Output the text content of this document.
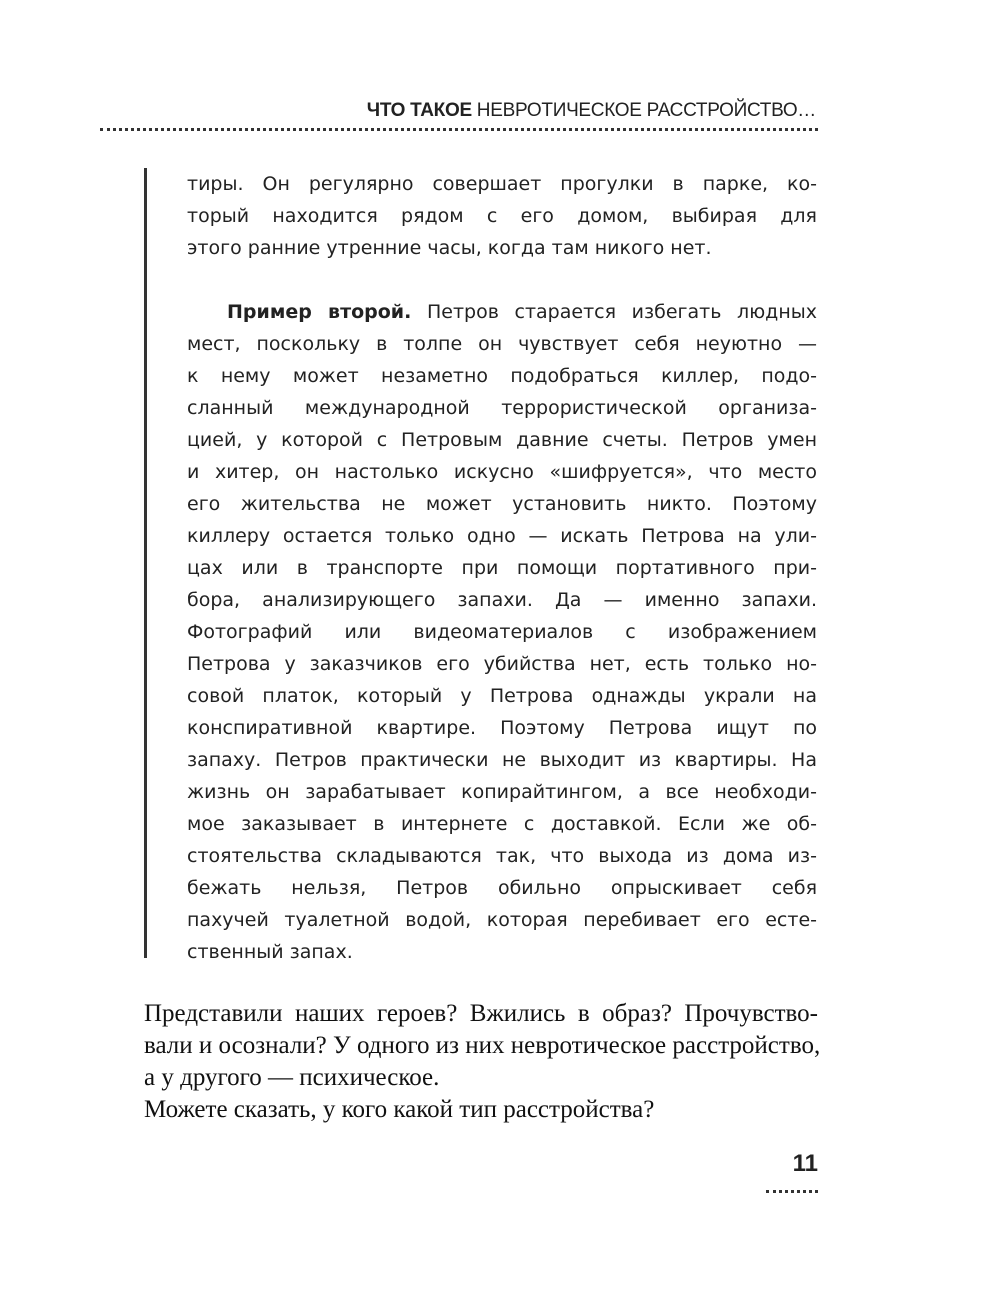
ЧТО ТАКОЕ НЕВРОТИЧЕСКОЕ РАССТРОЙСТВО…
тиры. Он регулярно совершает прогулки в парке, ко-
торый находится рядом с его домом, выбирая для
этого ранние утренние часы, когда там никого нет.
Пример второй. Петров старается избегать людных
мест, поскольку в толпе он чувствует себя неуютно —
к нему может незаметно подобраться киллер, подо-
сланный международной террористической организа-
цией, у которой с Петровым давние счеты. Петров умен
и хитер, он настолько искусно «шифруется», что место
его жительства не может установить никто. Поэтому
киллеру остается только одно — искать Петрова на ули-
цах или в транспорте при помощи портативного при-
бора, анализирующего запахи. Да — именно запахи.
Фотографий или видеоматериалов с изображением
Петрова у заказчиков его убийства нет, есть только но-
совой платок, который у Петрова однажды украли на
конспиративной квартире. Поэтому Петрова ищут по
запаху. Петров практически не выходит из квартиры. На
жизнь он зарабатывает копирайтингом, а все необходи-
мое заказывает в интернете с доставкой. Если же об-
стоятельства складываются так, что выхода из дома из-
бежать нельзя, Петров обильно опрыскивает себя
пахучей туалетной водой, которая перебивает его есте-
ственный запах.
Представили наших героев? Вжились в образ? Прочувство-
вали и осознали? У одного из них невротическое расстройство,
а у другого — психическое.
Можете сказать, у кого какой тип расстройства?
11
